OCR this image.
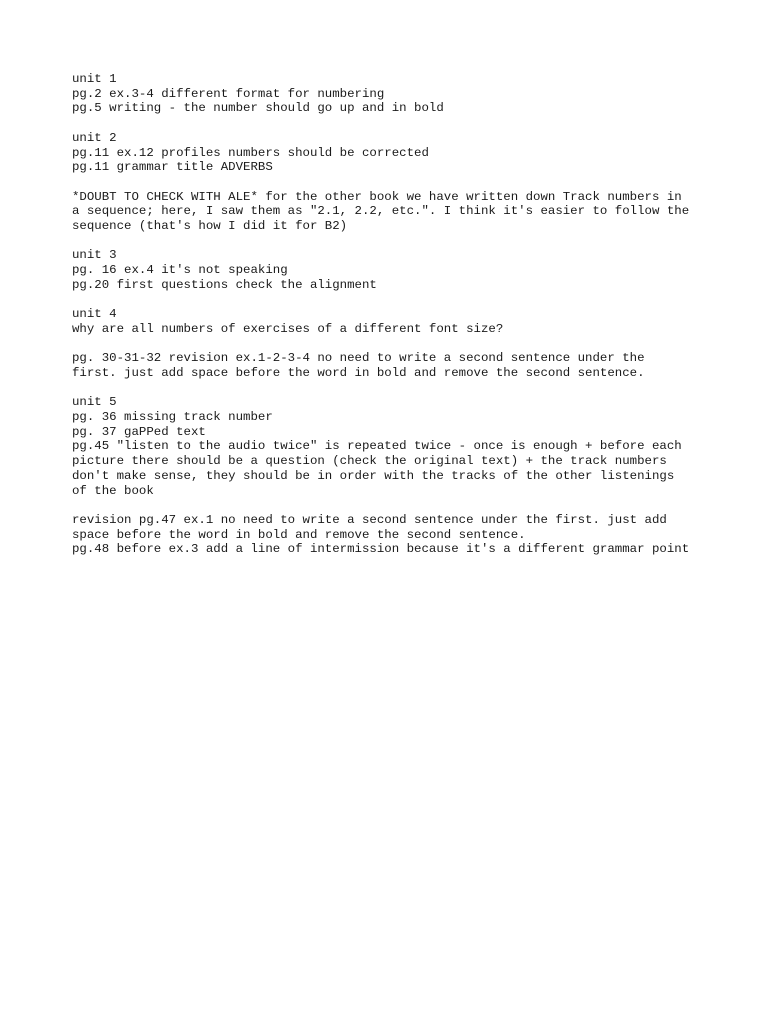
unit 1
pg.2 ex.3-4 different format for numbering
pg.5 writing - the number should go up and in bold
unit 2
pg.11 ex.12 profiles numbers should be corrected
pg.11 grammar title ADVERBS
*DOUBT TO CHECK WITH ALE* for the other book we have written down Track numbers in
a sequence; here, I saw them as "2.1, 2.2, etc.". I think it's easier to follow the
sequence (that's how I did it for B2)
unit 3
pg. 16 ex.4 it's not speaking
pg.20 first questions check the alignment
unit 4
why are all numbers of exercises of a different font size?
pg. 30-31-32 revision ex.1-2-3-4 no need to write a second sentence under the
first. just add space before the word in bold and remove the second sentence.
unit 5
pg. 36 missing track number
pg. 37 gaPPed text
pg.45 "listen to the audio twice" is repeated twice - once is enough + before each
picture there should be a question (check the original text) + the track numbers
don't make sense, they should be in order with the tracks of the other listenings
of the book
revision pg.47 ex.1 no need to write a second sentence under the first. just add
space before the word in bold and remove the second sentence.
pg.48 before ex.3 add a line of intermission because it's a different grammar point
